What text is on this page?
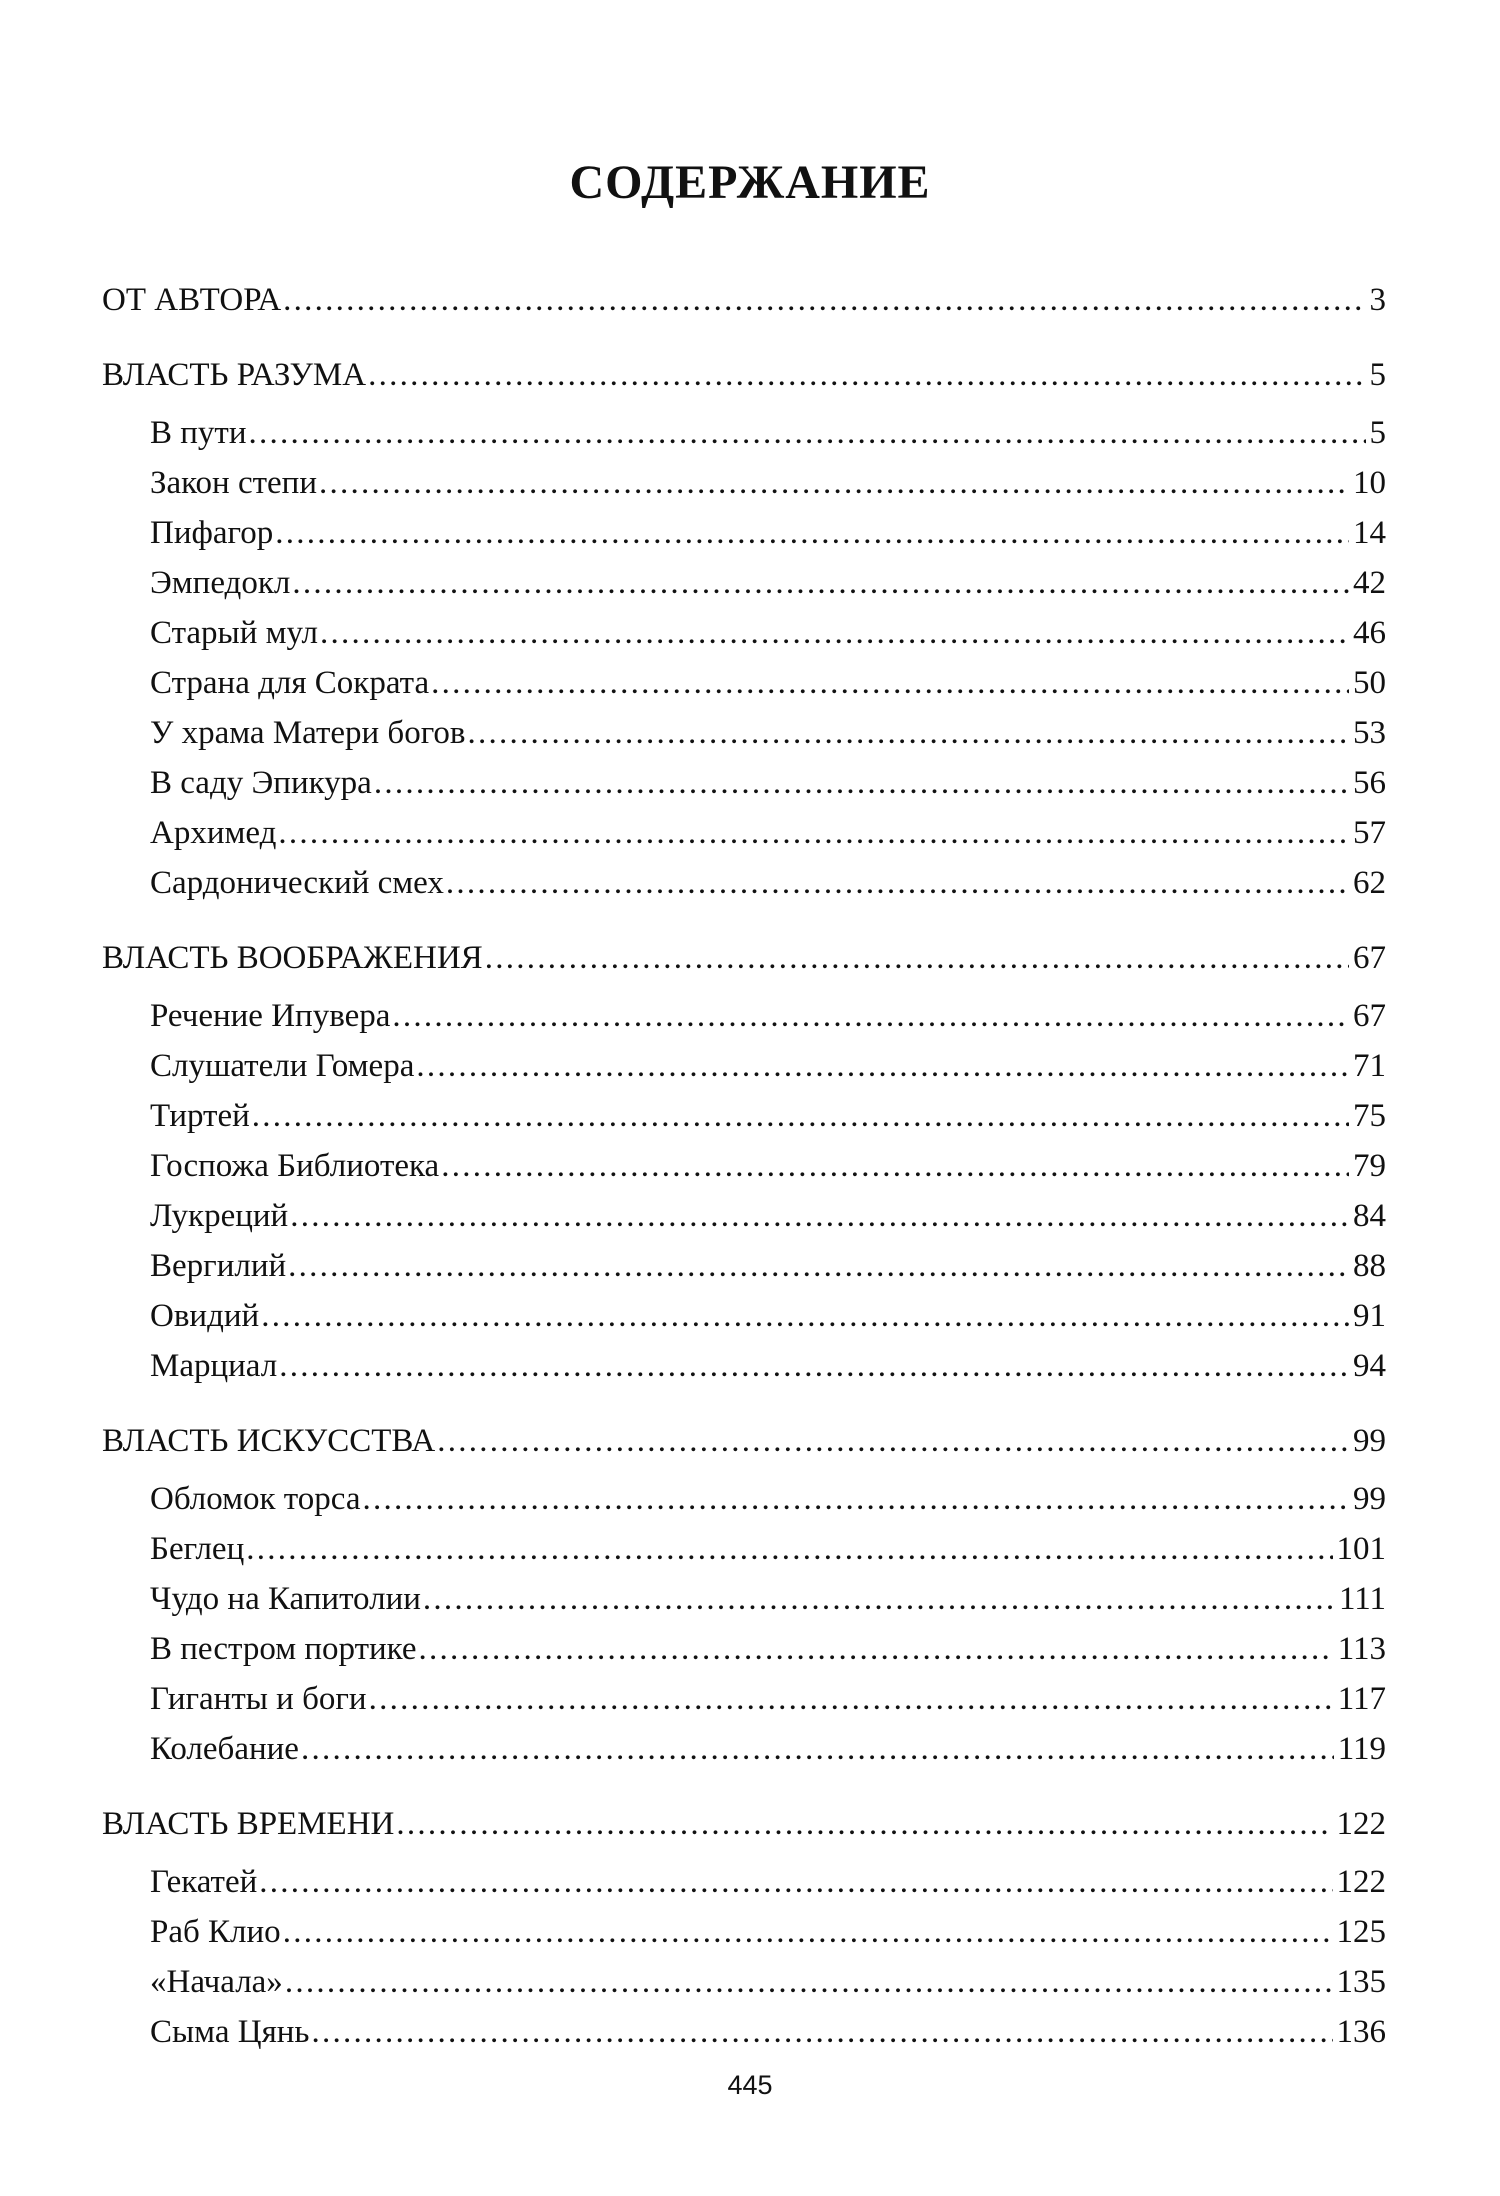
СОДЕРЖАНИЕ
ОТ АВТОРА . . .	3
ВЛАСТЬ РАЗУМА . . .	5
В пути . . .	5
Закон степи . . .	10
Пифагор . . .	14
Эмпедокл . . .	42
Старый мул . . .	46
Страна для Сократа . . .	50
У храма Матери богов . . .	53
В саду Эпикура . . .	56
Архимед . . .	57
Сардонический смех . . .	62
ВЛАСТЬ ВООБРАЖЕНИЯ . . .	67
Речение Ипувера . . .	67
Слушатели Гомера . . .	71
Тиртей . . .	75
Госпожа Библиотека . . .	79
Лукреций . . .	84
Вергилий . . .	88
Овидий . . .	91
Марциал . . .	94
ВЛАСТЬ ИСКУССТВА . . .	99
Обломок торса . . .	99
Беглец . . .	101
Чудо на Капитолии . . .	111
В пестром портике . . .	113
Гиганты и боги . . .	117
Колебание . . .	119
ВЛАСТЬ ВРЕМЕНИ . . .	122
Гекатей . . .	122
Раб Клио . . .	125
«Начала» . . .	135
Сыма Цянь . . .	136
445
